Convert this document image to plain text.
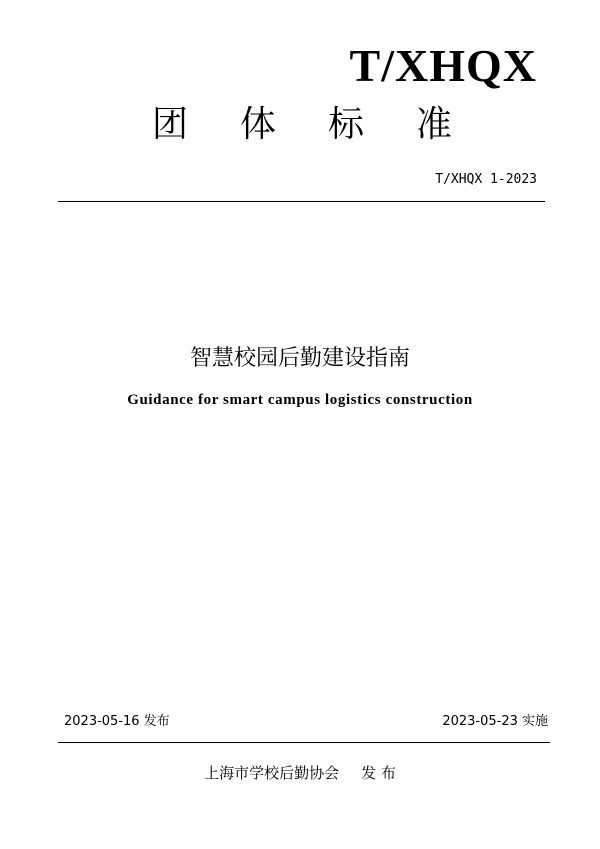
T/XHQX
团 体 标 准
T/XHQX 1-2023
智慧校园后勤建设指南
Guidance for smart campus logistics construction
2023-05-16 发布	2023-05-23 实施
上海市学校后勤协会 发 布
